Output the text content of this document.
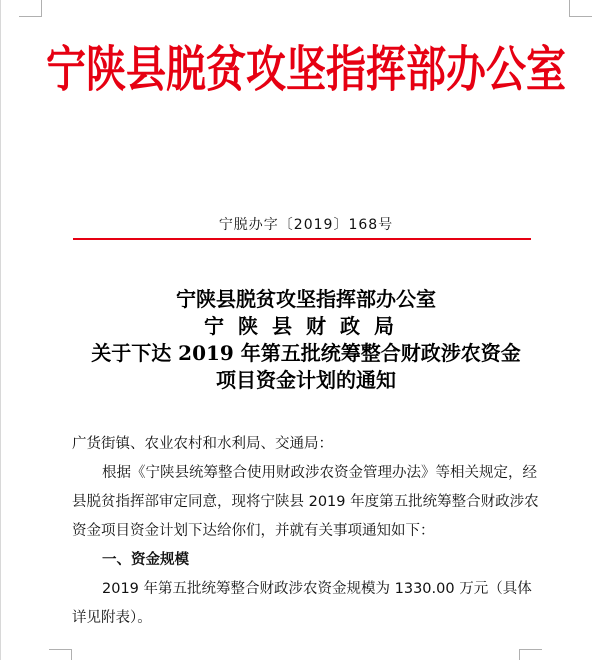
宁陕县脱贫攻坚指挥部办公室
宁脱办字〔2019〕168号
宁陕县脱贫攻坚指挥部办公室
宁陕县财政局
关于下达 2019 年第五批统筹整合财政涉农资金
项目资金计划的通知

广货街镇、农业农村和水利局、交通局：

根据《宁陕县统筹整合使用财政涉农资金管理办法》等相关规定，经县脱贫指挥部审定同意，现将宁陕县 2019 年度第五批统筹整合财政涉农资金项目资金计划下达给你们，并就有关事项通知如下：

一、资金规模

2019 年第五批统筹整合财政涉农资金规模为 1330.00 万元（具体详见附表）。
